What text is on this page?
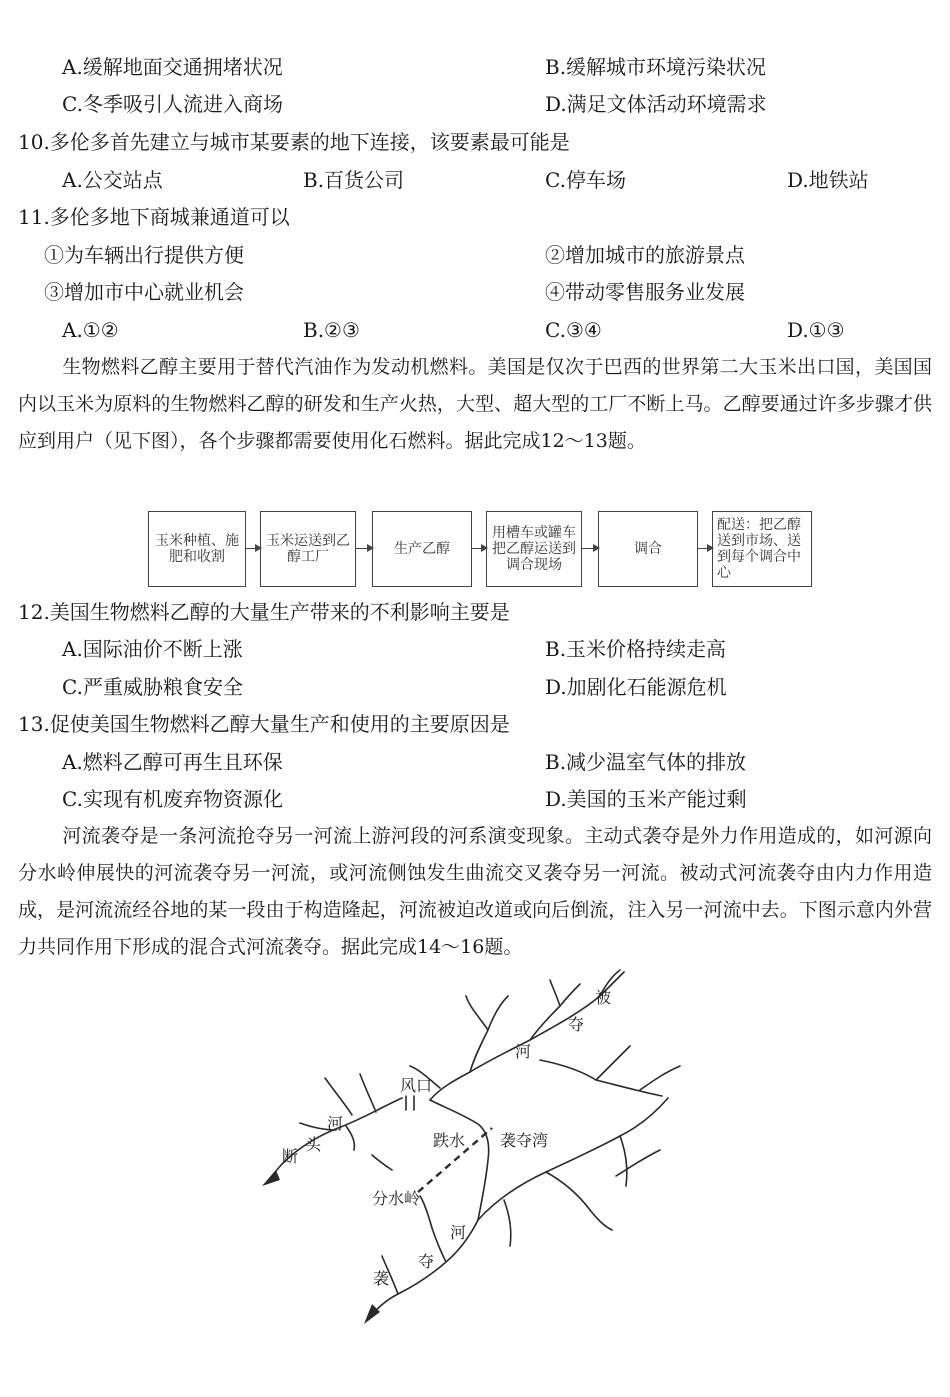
A.缓解地面交通拥堵状况	B.缓解城市环境污染状况
C.冬季吸引人流进入商场	D.满足文体活动环境需求
10.多伦多首先建立与城市某要素的地下连接，该要素最可能是
A.公交站点	B.百货公司	C.停车场	D.地铁站
11.多伦多地下商城兼通道可以
①为车辆出行提供方便	②增加城市的旅游景点
③增加市中心就业机会	④带动零售服务业发展
A.①②	B.②③	C.③④	D.①③
生物燃料乙醇主要用于替代汽油作为发动机燃料。美国是仅次于巴西的世界第二大玉米出口国，美国国内以玉米为原料的生物燃料乙醇的研发和生产火热，大型、超大型的工厂不断上马。乙醇要通过许多步骤才供应到用户（见下图），各个步骤都需要使用化石燃料。据此完成12～13题。
玉米种植、施肥和收割
玉米运送到乙醇工厂	生产乙醇
用槽车或罐车把乙醇运送到调合现场
调合
配送：把乙醇送到市场、送到每个调合中心
12.美国生物燃料乙醇的大量生产带来的不利影响主要是
A.国际油价不断上涨	B.玉米价格持续走高
C.严重威胁粮食安全	D.加剧化石能源危机
13.促使美国生物燃料乙醇大量生产和使用的主要原因是
A.燃料乙醇可再生且环保	B.减少温室气体的排放
C.实现有机废弃物资源化	D.美国的玉米产能过剩
河流袭夺是一条河流抢夺另一河流上游河段的河系演变现象。主动式袭夺是外力作用造成的，如河源向分水岭伸展快的河流袭夺另一河流，或河流侧蚀发生曲流交叉袭夺另一河流。被动式河流袭夺由内力作用造成，是河流流经谷地的某一段由于构造隆起，河流被迫改道或向后倒流，注入另一河流中去。下图示意内外营力共同作用下形成的混合式河流袭夺。据此完成14～16题。
被
夺
河
风口
河
头
断
跌水 袭夺湾
分水岭
河
夺
袭
